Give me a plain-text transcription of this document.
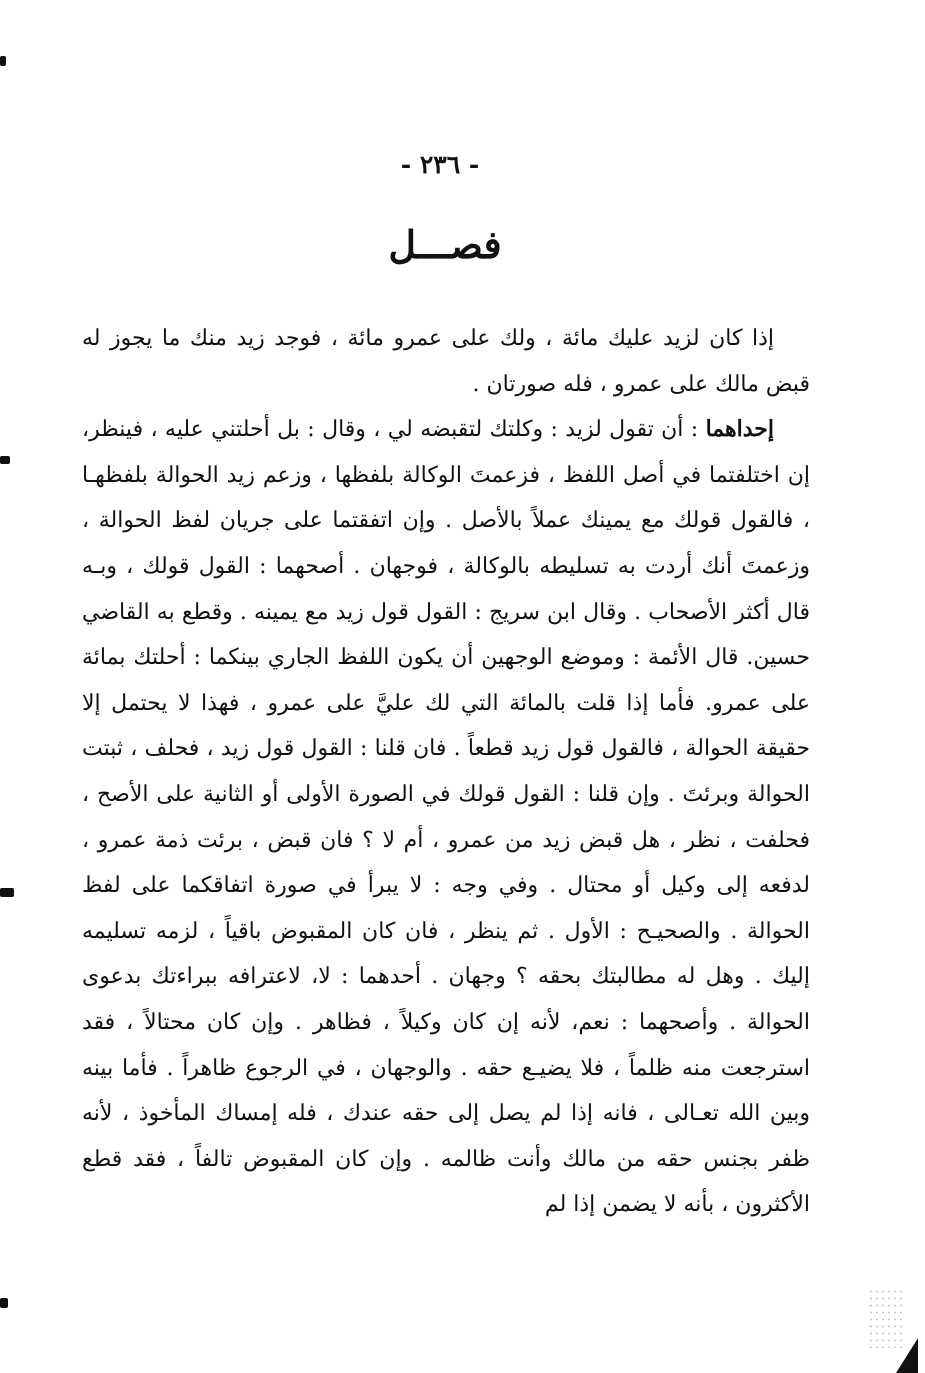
- ٢٣٦ -
فصـــل

إذا كان لزيد عليك مائة ، ولك على عمرو مائة ، فوجد زيد منك ما يجوز له قبض مالك على عمرو ، فله صورتان .

إحداهما : أن تقول لزيد : وكلتك لتقبضه لي ، وقال : بل أحلتني عليه ، فينظر، إن اختلفتما في أصل اللفظ ، فزعمتَ الوكالة بلفظها ، وزعم زيد الحوالة بلفظهـا ، فالقول قولك مع يمينك عملاً بالأصل . وإن اتفقتما على جريان لفظ الحوالة ، وزعمتَ أنك أردت به تسليطه بالوكالة ، فوجهان . أصحهما : القول قولك ، وبـه قال أكثر الأصحاب . وقال ابن سريج : القول قول زيد مع يمينه . وقطع به القاضي حسين. قال الأئمة : وموضع الوجهين أن يكون اللفظ الجاري بينكما : أحلتك بمائة على عمرو. فأما إذا قلت بالمائة التي لك عليَّ على عمرو ، فهذا لا يحتمل إلا حقيقة الحوالة ، فالقول قول زيد قطعاً . فان قلنا : القول قول زيد ، فحلف ، ثبتت الحوالة وبرئتَ . وإن قلنا : القول قولك في الصورة الأولى أو الثانية على الأصح ، فحلفت ، نظر ، هل قبض زيد من عمرو ، أم لا ؟ فان قبض ، برئت ذمة عمرو ، لدفعه إلى وكيل أو محتال . وفي وجه : لا يبرأ في صورة اتفاقكما على لفظ الحوالة . والصحيـح : الأول . ثم ينظر ، فان كان المقبوض باقياً ، لزمه تسليمه إليك . وهل له مطالبتك بحقه ؟ وجهان . أحدهما : لا، لاعترافه ببراءتك بدعوى الحوالة . وأصحهما : نعم، لأنه إن كان وكيلاً ، فظاهر . وإن كان محتالاً ، فقد استرجعت منه ظلماً ، فلا يضيـع حقه . والوجهان ، في الرجوع ظاهراً . فأما بينه وبين الله تعـالى ، فانه إذا لم يصل إلى حقه عندك ، فله إمساك المأخوذ ، لأنه ظفر بجنس حقه من مالك وأنت ظالمه . وإن كان المقبوض تالفاً ، فقد قطع الأكثرون ، بأنه لا يضمن إذا لم
